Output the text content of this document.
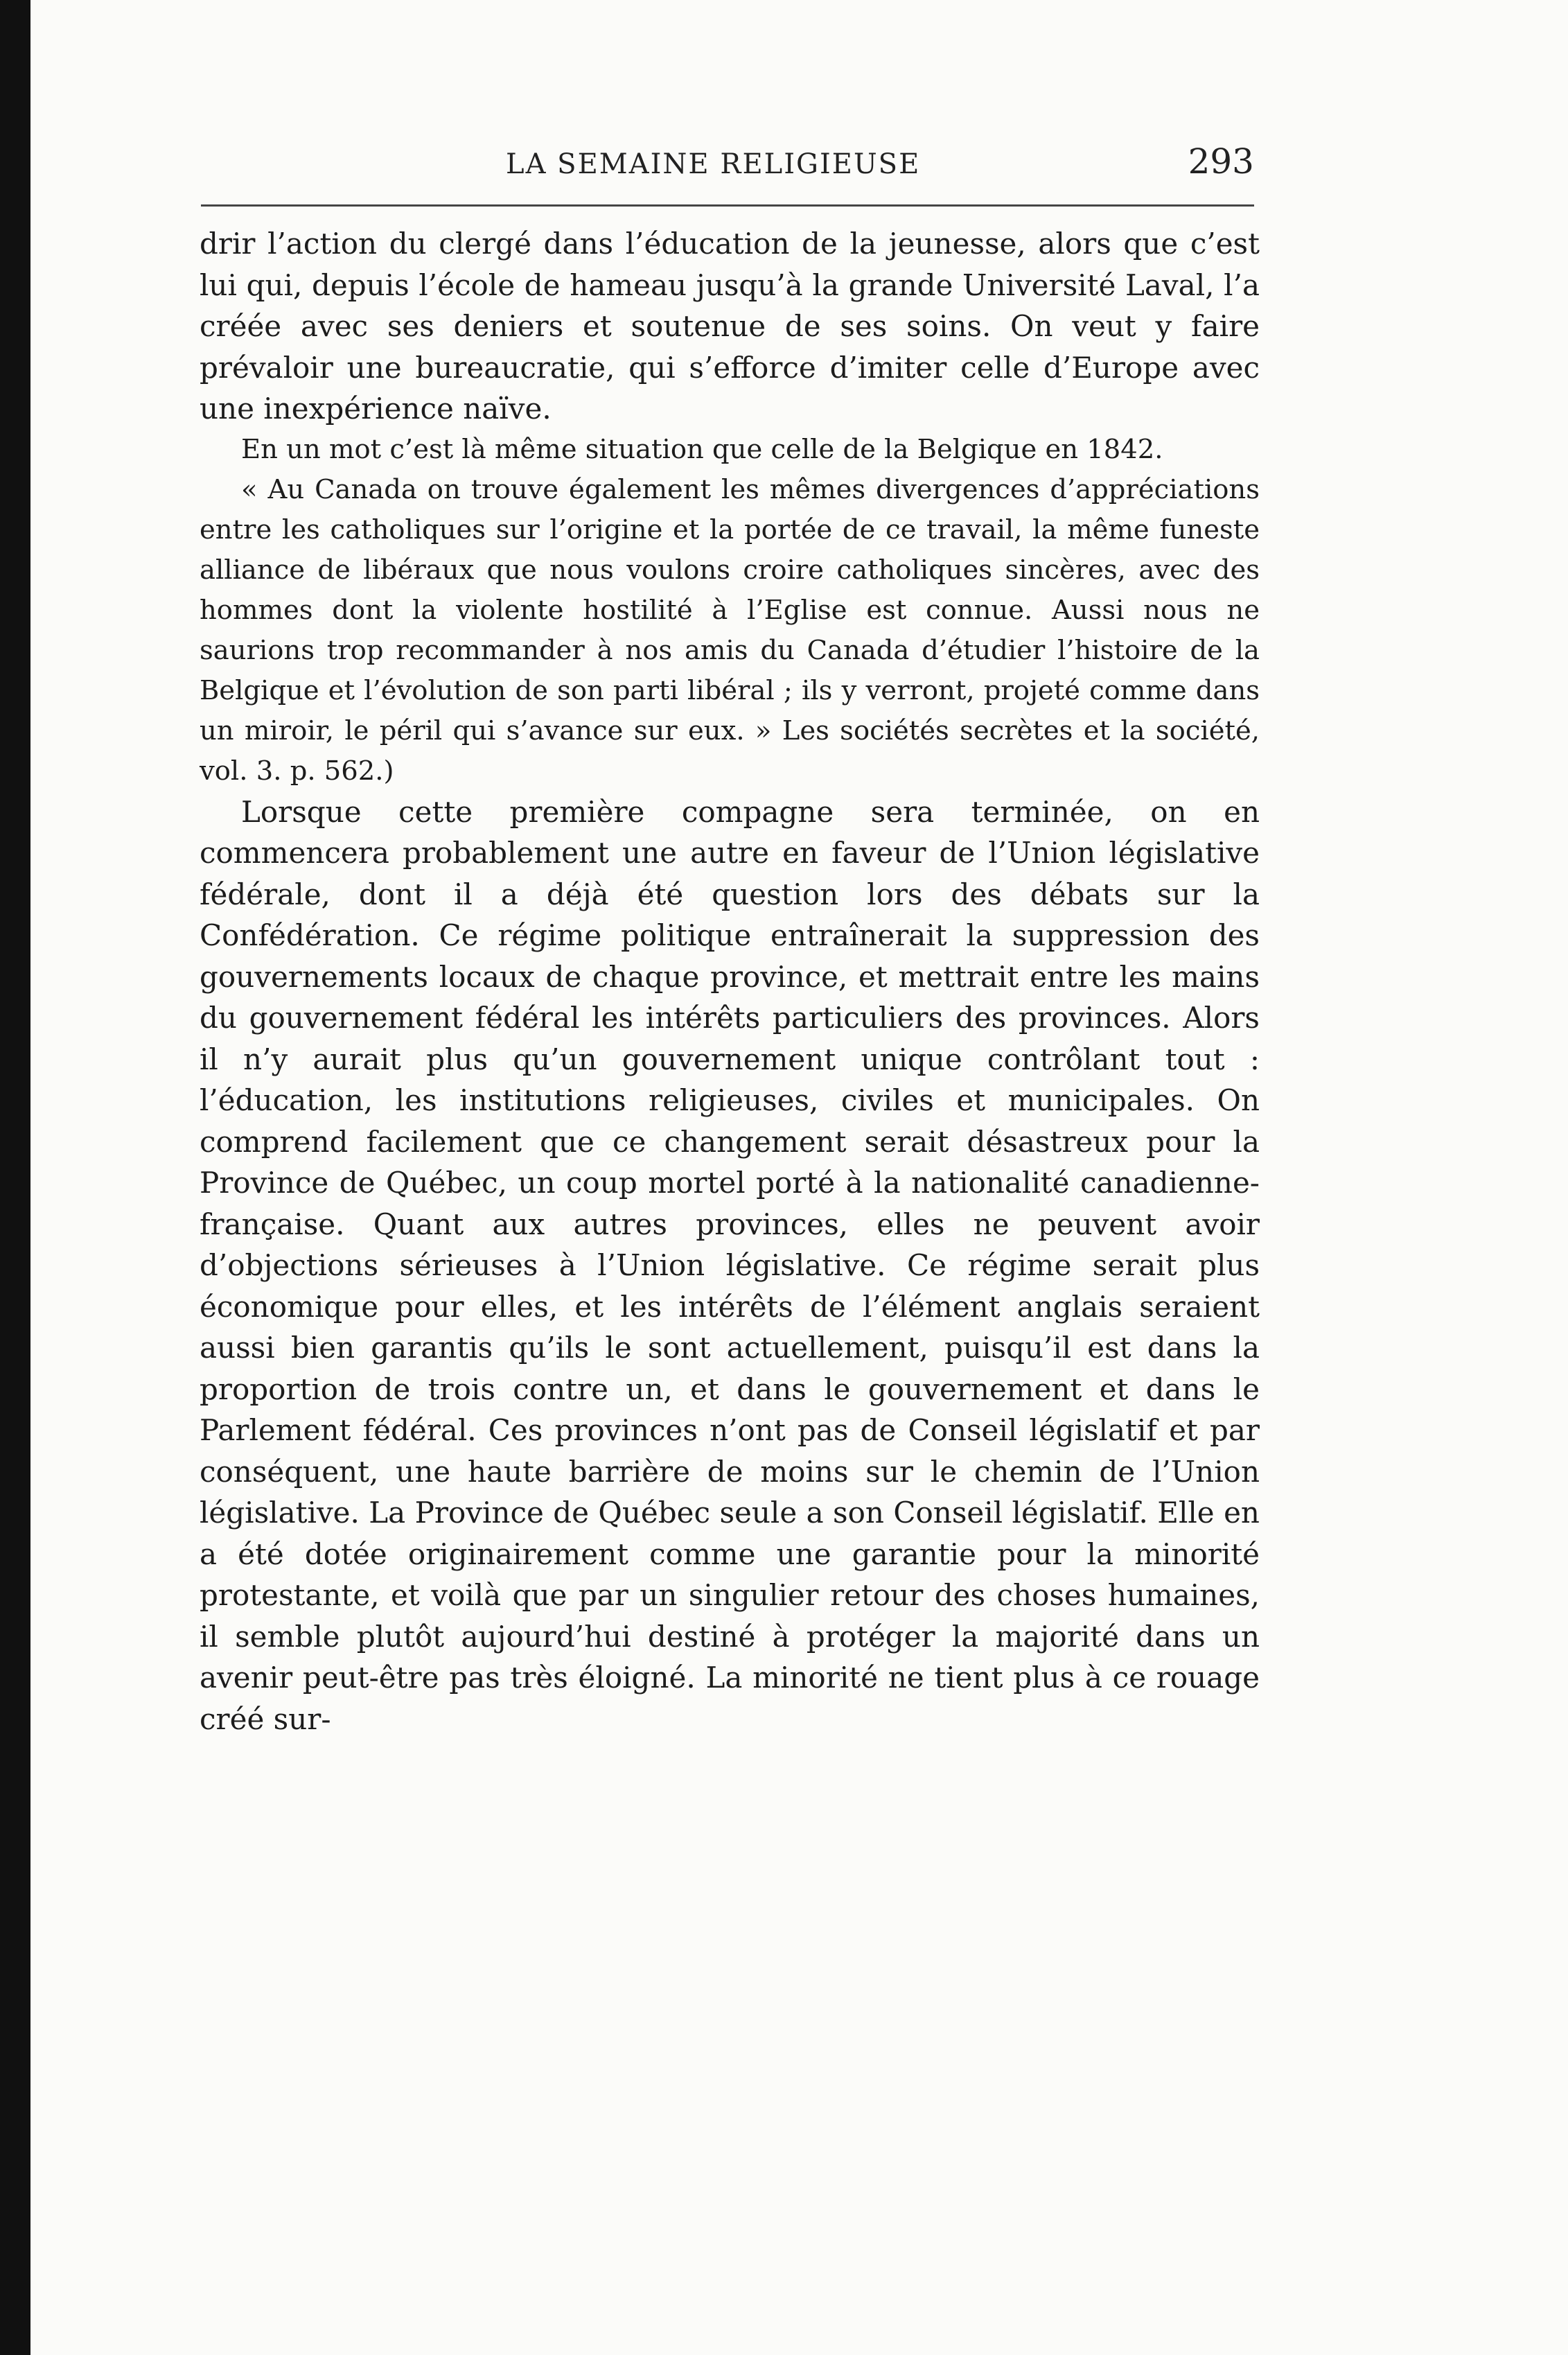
LA SEMAINE RELIGIEUSE	293

drir l’action du clergé dans l’éducation de la jeunesse, alors que c’est lui qui, depuis l’école de hameau jusqu’à la grande Université Laval, l’a créée avec ses deniers et soutenue de ses soins. On veut y faire prévaloir une bureaucratie, qui s’efforce d’imiter celle d’Europe avec une inexpérience naïve.

En un mot c’est là même situation que celle de la Belgique en 1842.

« Au Canada on trouve également les mêmes divergences d’appréciations entre les catholiques sur l’origine et la portée de ce travail, la même funeste alliance de libéraux que nous voulons croire catholiques sincères, avec des hommes dont la violente hostilité à l’Eglise est connue. Aussi nous ne saurions trop recommander à nos amis du Canada d’étudier l’histoire de la Belgique et l’évolution de son parti libéral ; ils y verront, projeté comme dans un miroir, le péril qui s’avance sur eux. » Les sociétés secrètes et la société, vol. 3. p. 562.)

Lorsque cette première compagne sera terminée, on en commencera probablement une autre en faveur de l’Union législative fédérale, dont il a déjà été question lors des débats sur la Confédération. Ce régime politique entraînerait la suppression des gouvernements locaux de chaque province, et mettrait entre les mains du gouvernement fédéral les intérêts particuliers des provinces. Alors il n’y aurait plus qu’un gouvernement unique contrôlant tout : l’éducation, les institutions religieuses, civiles et municipales. On comprend facilement que ce changement serait désastreux pour la Province de Québec, un coup mortel porté à la nationalité canadienne-française. Quant aux autres provinces, elles ne peuvent avoir d’objections sérieuses à l’Union législative. Ce régime serait plus économique pour elles, et les intérêts de l’élément anglais seraient aussi bien garantis qu’ils le sont actuellement, puisqu’il est dans la proportion de trois contre un, et dans le gouvernement et dans le Parlement fédéral. Ces provinces n’ont pas de Conseil législatif et par conséquent, une haute barrière de moins sur le chemin de l’Union législative. La Province de Québec seule a son Conseil législatif. Elle en a été dotée originairement comme une garantie pour la minorité protestante, et voilà que par un singulier retour des choses humaines, il semble plutôt aujourd’hui destiné à protéger la majorité dans un avenir peut-être pas très éloigné. La minorité ne tient plus à ce rouage créé sur-
